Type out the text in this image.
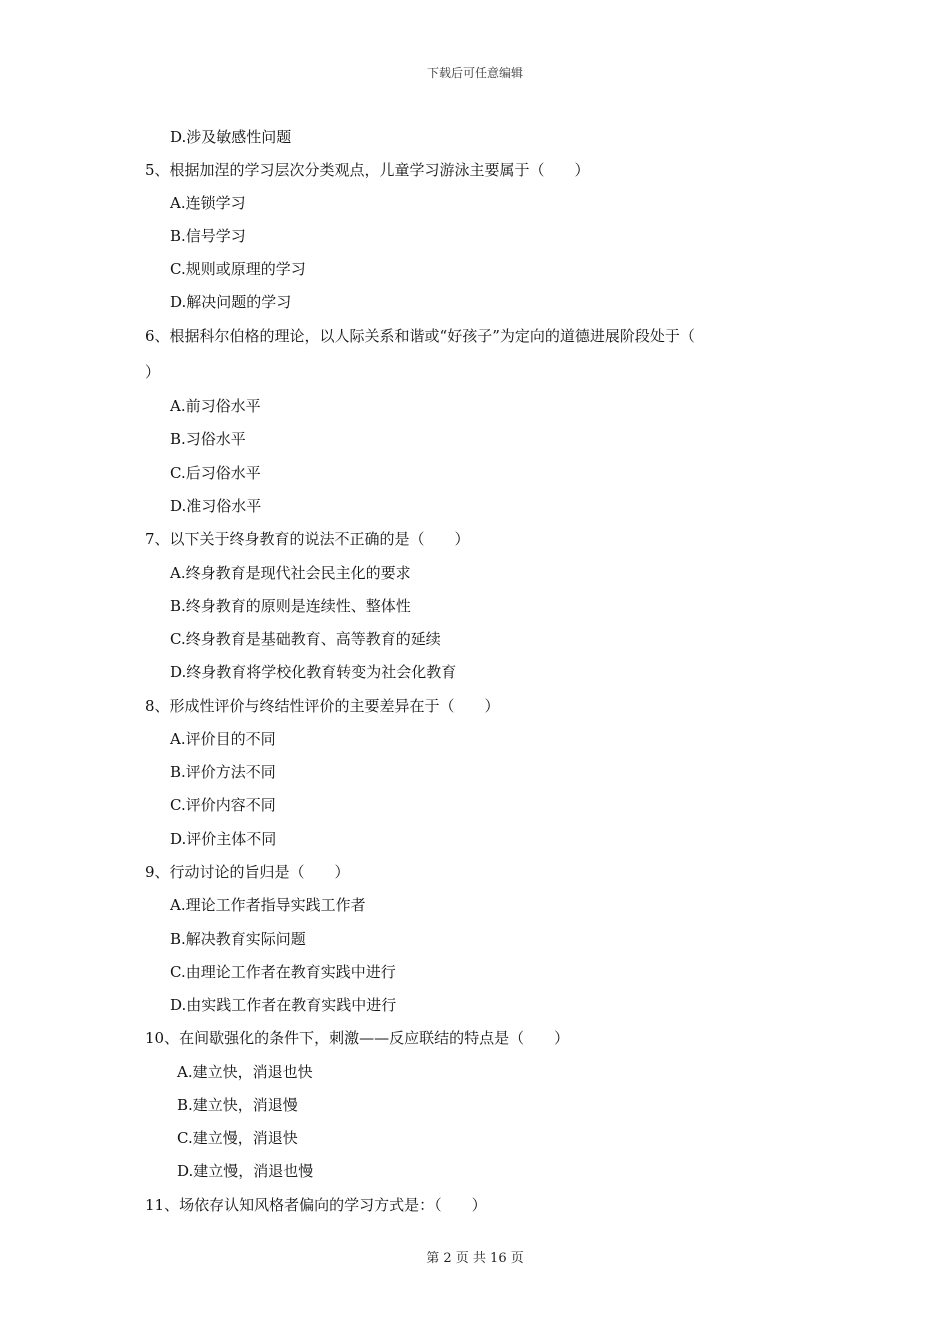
下载后可任意编辑
D.涉及敏感性问题
5、根据加涅的学习层次分类观点，儿童学习游泳主要属于（　　）
A.连锁学习
B.信号学习
C.规则或原理的学习
D.解决问题的学习
6、根据科尔伯格的理论，以人际关系和谐或“好孩子”为定向的道德进展阶段处于（
）
A.前习俗水平
B.习俗水平
C.后习俗水平
D.准习俗水平
7、以下关于终身教育的说法不正确的是（　　）
A.终身教育是现代社会民主化的要求
B.终身教育的原则是连续性、整体性
C.终身教育是基础教育、高等教育的延续
D.终身教育将学校化教育转变为社会化教育
8、形成性评价与终结性评价的主要差异在于（　　）
A.评价目的不同
B.评价方法不同
C.评价内容不同
D.评价主体不同
9、行动讨论的旨归是（　　）
A.理论工作者指导实践工作者
B.解决教育实际问题
C.由理论工作者在教育实践中进行
D.由实践工作者在教育实践中进行
10、在间歇强化的条件下，刺激——反应联结的特点是（　　）
A.建立快，消退也快
B.建立快，消退慢
C.建立慢，消退快
D.建立慢，消退也慢
11、场依存认知风格者偏向的学习方式是：（　　）
第 2 页 共 16 页
